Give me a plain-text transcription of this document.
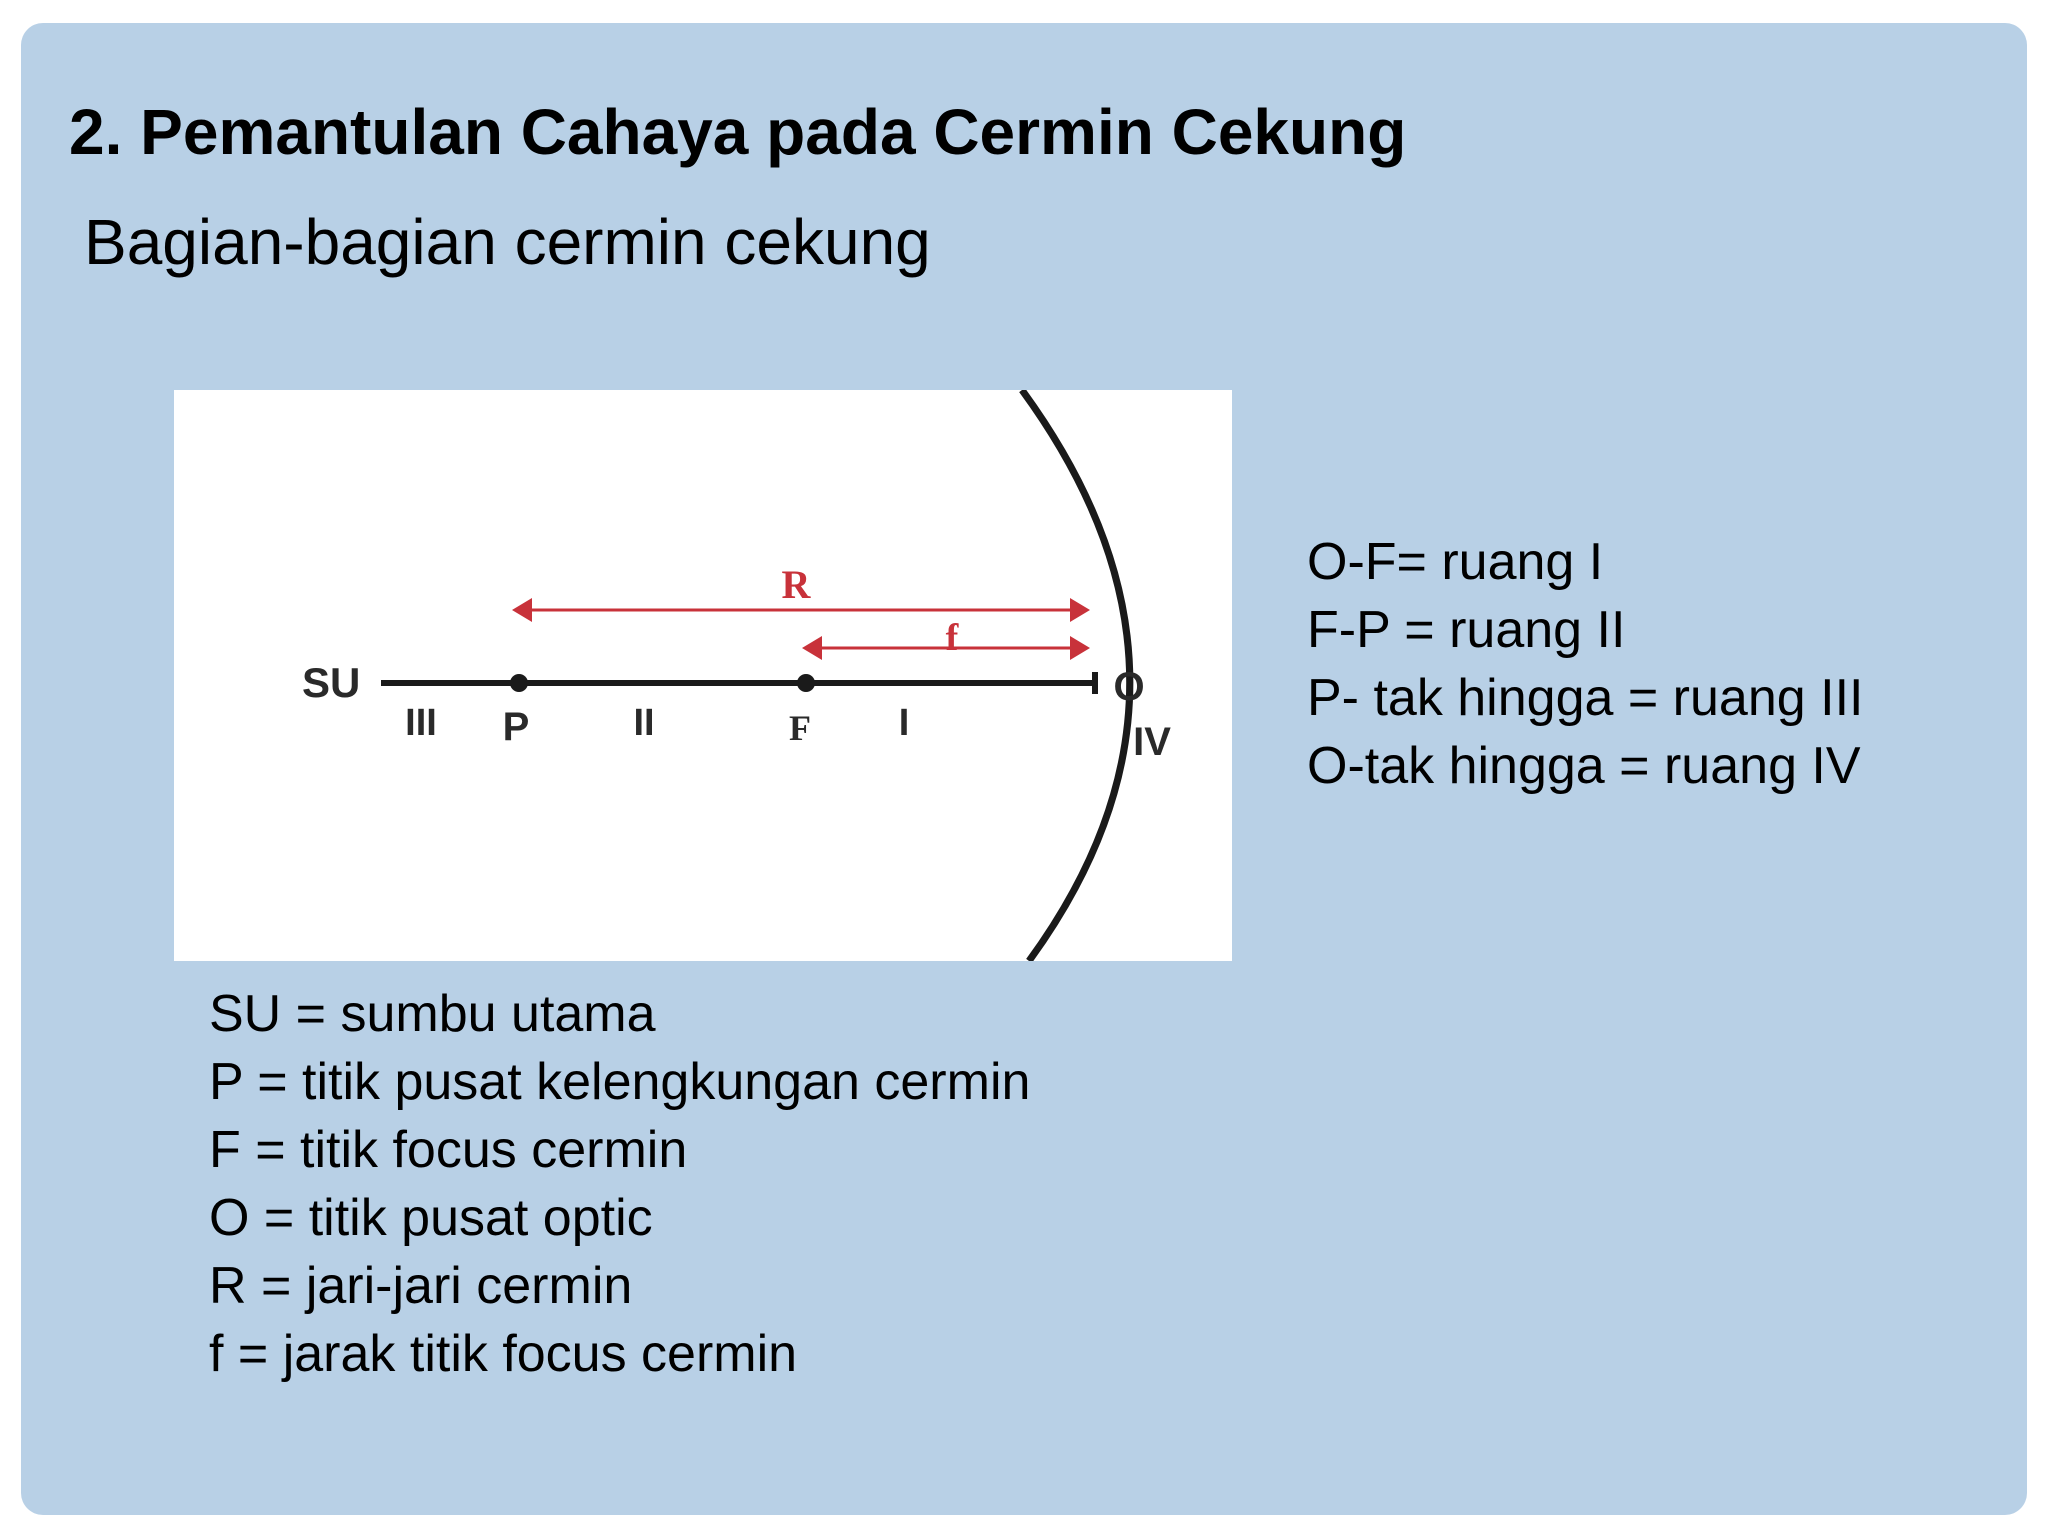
2. Pemantulan Cahaya pada Cermin Cekung
Bagian-bagian cermin cekung
R
f
SU
III P	II	F I
O
IV
O-F= ruang I
F-P = ruang II
P- tak hingga = ruang III
O-tak hingga = ruang IV
SU = sumbu utama
P = titik pusat kelengkungan cermin
F = titik focus cermin
O = titik pusat optic
R = jari-jari cermin
f = jarak titik focus cermin
